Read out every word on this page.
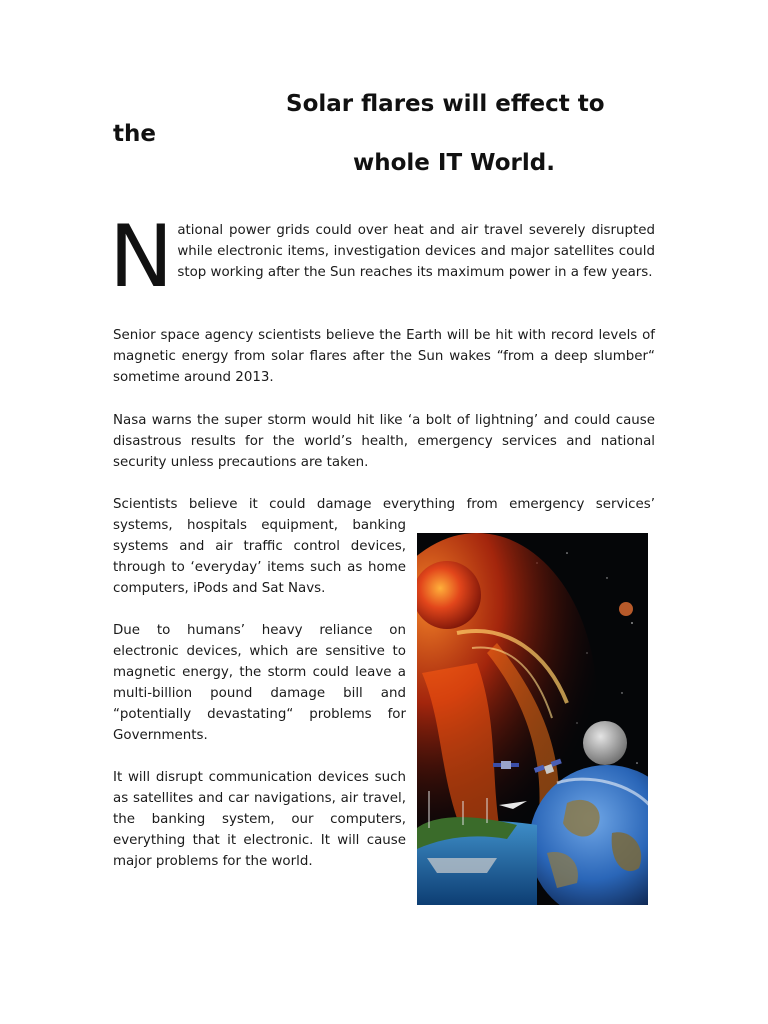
Solar flares will effect to
the
whole IT World.

National power grids could over heat and air travel severely disrupted while electronic items, investigation devices and major satellites could stop working after the Sun reaches its maximum power in a few years.

Senior space agency scientists believe the Earth will be hit with record levels of magnetic energy from solar flares after the Sun wakes “from a deep slumber“ sometime around 2013.

Nasa warns the super storm would hit like ‘a bolt of lightning’ and could cause disastrous results for the world’s health, emergency services and national security unless precautions are taken.

Scientists believe it could damage everything from emergency services’

systems, hospitals equipment, banking systems and air traffic control devices, through to ‘everyday’ items such as home computers, iPods and Sat Navs.

Due to humans’ heavy reliance on electronic devices, which are sensitive to magnetic energy, the storm could leave a multi-billion pound damage bill and “potentially devastating“ problems for Governments.

It will disrupt communication devices such as satellites and car navigations, air travel, the banking system, our computers, everything that it electronic. It will cause major problems for the world.
